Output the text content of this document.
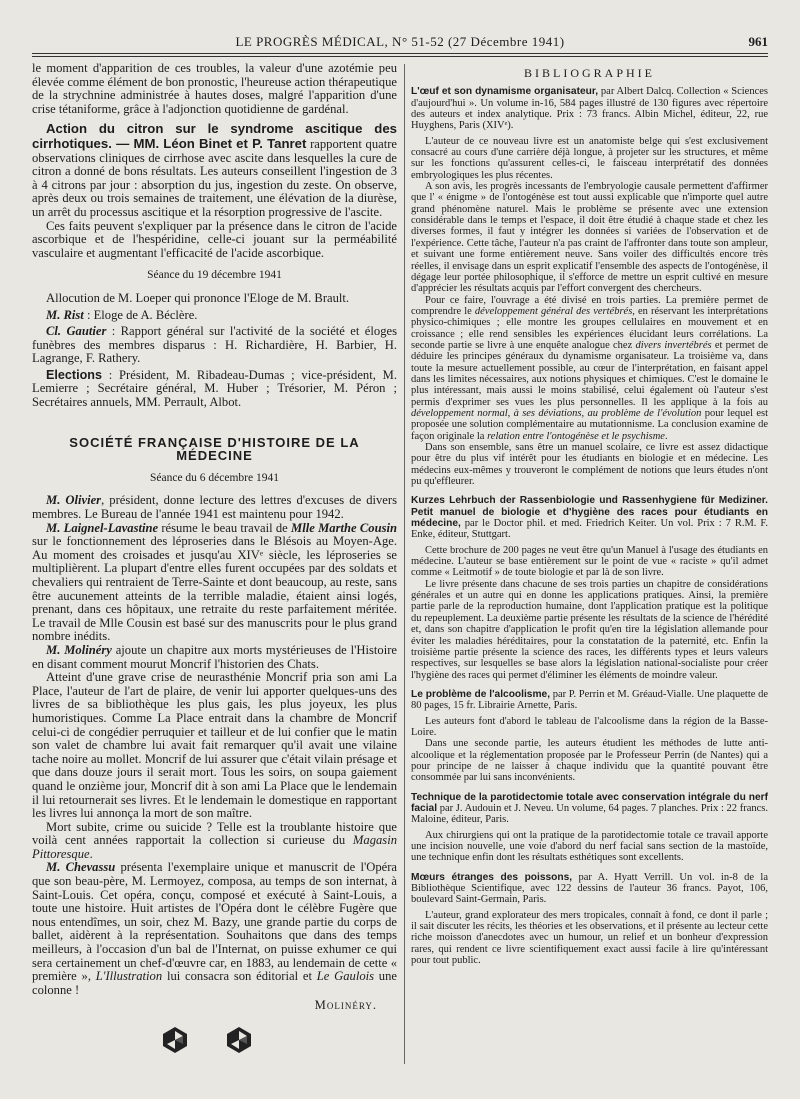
LE PROGRÈS MÉDICAL, N° 51-52 (27 Décembre 1941)	961

le moment d'apparition de ces troubles, la valeur d'une azotémie peu élevée comme élément de bon pronostic, l'heureuse action thérapeutique de la strychnine administrée à hautes doses, malgré l'apparition d'une crise tétaniforme, grâce à l'adjonction quotidienne de gardénal.

Action du citron sur le syndrome ascitique des cirrhotiques. — MM. Léon Binet et P. Tanret rapportent quatre observations cliniques de cirrhose avec ascite dans lesquelles la cure de citron a donné de bons résultats. Les auteurs conseillent l'ingestion de 3 à 4 citrons par jour : absorption du jus, ingestion du zeste. On observe, après deux ou trois semaines de traitement, une élévation de la diurèse, un arrêt du processus ascitique et la résorption progressive de l'ascite.

Ces faits peuvent s'expliquer par la présence dans le citron de l'acide ascorbique et de l'hespéridine, celle-ci jouant sur la perméabilité vasculaire et augmentant l'efficacité de l'acide ascorbique.

Séance du 19 décembre 1941

Allocution de M. Loeper qui prononce l'Eloge de M. Brault.

M. Rist : Eloge de A. Béclère.

Cl. Gautier : Rapport général sur l'activité de la société et éloges funèbres des membres disparus : H. Richardière, H. Barbier, H. Lagrange, F. Rathery.

Elections : Président, M. Ribadeau-Dumas ; vice-président, M. Lemierre ; Secrétaire général, M. Huber ; Trésorier, M. Péron ; Secrétaires annuels, MM. Perrault, Albot.

SOCIÉTÉ FRANÇAISE D'HISTOIRE DE LA MÉDECINE
Séance du 6 décembre 1941

M. Olivier, président, donne lecture des lettres d'excuses de divers membres. Le Bureau de l'année 1941 est maintenu pour 1942.

M. Laignel-Lavastine résume le beau travail de Mlle Marthe Cousin sur le fonctionnement des léproseries dans le Blésois au Moyen-Age. Au moment des croisades et jusqu'au XIVᵉ siècle, les léproseries se multiplièrent. La plupart d'entre elles furent occupées par des soldats et chevaliers qui rentraient de Terre-Sainte et dont beaucoup, au reste, sans être aucunement atteints de la terrible maladie, étaient ainsi logés, prenant, dans ces hôpitaux, une retraite du reste parfaitement méritée. Le travail de Mlle Cousin est basé sur des manuscrits pour le plus grand nombre inédits.

M. Molinéry ajoute un chapitre aux morts mystérieuses de l'Histoire en disant comment mourut Moncrif l'historien des Chats.

Atteint d'une grave crise de neurasthénie Moncrif pria son ami La Place, l'auteur de l'art de plaire, de venir lui apporter quelques-uns des livres de sa bibliothèque les plus gais, les plus joyeux, les plus humoristiques. Comme La Place entrait dans la chambre de Moncrif celui-ci de congédier perruquier et tailleur et de lui confier que le matin son valet de chambre lui avait fait remarquer qu'il avait une vilaine tache noire au mollet. Moncrif de lui assurer que c'était vilain présage et que dans douze jours il serait mort. Tous les soirs, on soupa gaiement quand le onzième jour, Moncrif dit à son ami La Place que le lendemain il lui retournerait ses livres. Et le lendemain le domestique en rapportant les livres lui annonça la mort de son maître.

Mort subite, crime ou suicide ? Telle est la troublante histoire que voilà cent années rapportait la collection si curieuse du Magasin Pittoresque.

M. Chevassu présenta l'exemplaire unique et manuscrit de l'Opéra que son beau-père, M. Lermoyez, composa, au temps de son internat, à Saint-Louis. Cet opéra, conçu, composé et exécuté à Saint-Louis, a toute une histoire. Huit artistes de l'Opéra dont le célèbre Fugère que nous entendîmes, un soir, chez M. Bazy, une grande partie du corps de ballet, aidèrent à la représentation. Souhaitons que dans des temps meilleurs, à l'occasion d'un bal de l'Internat, on puisse exhumer ce qui sera certainement un chef-d'œuvre car, en 1883, au lendemain de cette « première », L'Illustration lui consacra son éditorial et Le Gaulois une colonne !

Molinéry.
BIBLIOGRAPHIE

L'œuf et son dynamisme organisateur, par Albert Dalcq. Collection « Sciences d'aujourd'hui ». Un volume in-16, 584 pages illustré de 130 figures avec répertoire des auteurs et index analytique. Prix : 73 francs. Albin Michel, éditeur, 22, rue Huyghens, Paris (XIVᵉ).

L'auteur de ce nouveau livre est un anatomiste belge qui s'est exclusivement consacré au cours d'une carrière déjà longue, à projeter sur les structures, et même sur les fonctions qu'assurent celles-ci, le faisceau interprétatif des données embryologiques les plus récentes.

A son avis, les progrès incessants de l'embryologie causale permettent d'affirmer que l' « énigme » de l'ontogénèse est tout aussi explicable que n'importe quel autre grand phénomène naturel. Mais le problème se présente avec une extension considérable dans le temps et l'espace, il doit être étudié à chaque stade et chez les diverses formes, il faut y intégrer les données si variées de l'observation et de l'expérience. Cette tâche, l'auteur n'a pas craint de l'affronter dans toute son ampleur, et suivant une forme entièrement neuve. Sans voiler des difficultés encore très réelles, il envisage dans un esprit explicatif l'ensemble des aspects de l'ontogénèse, il dégage leur portée philosophique, il s'efforce de mettre un esprit cultivé en mesure d'apprécier les résultats acquis par l'effort convergent des chercheurs.

Pour ce faire, l'ouvrage a été divisé en trois parties. La première permet de comprendre le développement général des vertébrés, en réservant les interprétations physico-chimiques ; elle montre les groupes cellulaires en mouvement et en croissance ; elle rend sensibles les expériences élucidant leurs corrélations. La seconde partie se livre à une enquête analogue chez divers invertébrés et permet de déduire les principes généraux du dynamisme organisateur. La troisième va, dans toute la mesure actuellement possible, au cœur de l'interprétation, en faisant appel dans les limites nécessaires, aux notions physiques et chimiques. C'est le domaine le plus intéressant, mais aussi le moins stabilisé, celui également où l'auteur s'est permis d'exprimer ses vues les plus personnelles. Il les applique à la fois au développement normal, à ses déviations, au problème de l'évolution pour lequel est proposée une solution complémentaire au mutationnisme. La conclusion examine de façon originale la relation entre l'ontogénèse et le psychisme.

Dans son ensemble, sans être un manuel scolaire, ce livre est assez didactique pour être du plus vif intérêt pour les étudiants en biologie et en médecine. Les médecins eux-mêmes y trouveront le complément de notions que leurs études n'ont pu qu'effleurer.

Kurzes Lehrbuch der Rassenbiologie und Rassenhygiene für Mediziner. Petit manuel de biologie et d'hygiène des races pour étudiants en médecine, par le Doctor phil. et med. Friedrich Keiter. Un vol. Prix : 7 R.M. F. Enke, éditeur, Stuttgart.

Cette brochure de 200 pages ne veut être qu'un Manuel à l'usage des étudiants en médecine. L'auteur se base entièrement sur le point de vue « raciste » qu'il admet comme « Leitmotif » de toute biologie et par là de son livre.

Le livre présente dans chacune de ses trois parties un chapitre de considérations générales et un autre qui en donne les applications pratiques. Ainsi, la première partie parle de la reproduction humaine, dont l'application pratique est la politique du repeuplement. La deuxième partie présente les résultats de la science de l'hérédité et, dans son chapitre d'application le profit qu'en tire la législation allemande pour éviter les maladies héréditaires, pour la constatation de la paternité, etc. Enfin la troisième partie présente la science des races, les différents types et leurs valeurs respectives, sur lesquelles se base alors la législation national-socialiste pour créer l'hygiène des races qui permet d'éliminer les éléments de moindre valeur.

Le problème de l'alcoolisme, par P. Perrin et M. Gréaud-Vialle. Une plaquette de 80 pages, 15 fr. Librairie Arnette, Paris.

Les auteurs font d'abord le tableau de l'alcoolisme dans la région de la Basse-Loire.

Dans une seconde partie, les auteurs étudient les méthodes de lutte anti-alcoolique et la réglementation proposée par le Professeur Perrin (de Nantes) qui a pour principe de ne laisser à chaque individu que la quantité pouvant être consommée par lui sans inconvénients.

Technique de la parotidectomie totale avec conservation intégrale du nerf facial par J. Audouin et J. Neveu. Un volume, 64 pages. 7 planches. Prix : 22 francs. Maloine, éditeur, Paris.

Aux chirurgiens qui ont la pratique de la parotidectomie totale ce travail apporte une incision nouvelle, une voie d'abord du nerf facial sans section de la mastoïde, une technique enfin dont les résultats esthétiques sont excellents.

Mœurs étranges des poissons, par A. Hyatt Verrill. Un vol. in-8 de la Bibliothèque Scientifique, avec 122 dessins de l'auteur 36 francs. Payot, 106, boulevard Saint-Germain, Paris.

L'auteur, grand explorateur des mers tropicales, connaît à fond, ce dont il parle ; il sait discuter les récits, les théories et les observations, et il présente au lecteur cette riche moisson d'anecdotes avec un humour, un relief et un bonheur d'expression rares, qui rendent ce livre scientifiquement exact aussi facile à lire qu'intéressant pour tout public.
